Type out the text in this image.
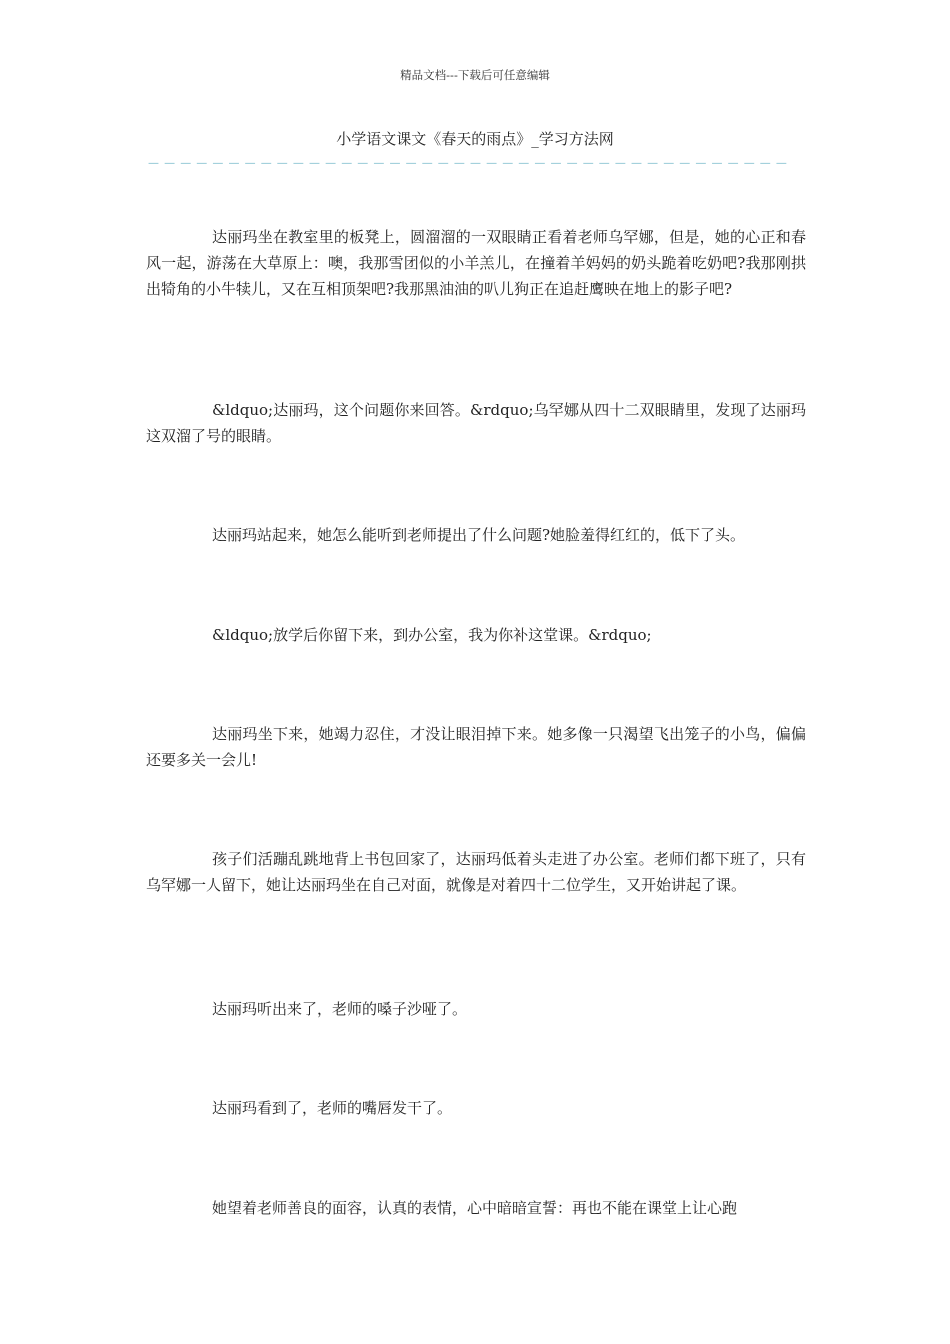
精品文档---下载后可任意编辑
小学语文课文《春天的雨点》_学习方法网
－－－－－－－－－－－－－－－－－－－－－－－－－－－－－－－－－－－－－－－－

达丽玛坐在教室里的板凳上，圆溜溜的一双眼睛正看着老师乌罕娜，但是，她的心正和春风一起，游荡在大草原上：噢，我那雪团似的小羊羔儿，在撞着羊妈妈的奶头跪着吃奶吧?我那刚拱出犄角的小牛犊儿，又在互相顶架吧?我那黑油油的叭儿狗正在追赶鹰映在地上的影子吧?

&ldquo;达丽玛，这个问题你来回答。&rdquo;乌罕娜从四十二双眼睛里，发现了达丽玛这双溜了号的眼睛。

达丽玛站起来，她怎么能听到老师提出了什么问题?她脸羞得红红的，低下了头。

&ldquo;放学后你留下来，到办公室，我为你补这堂课。&rdquo;

达丽玛坐下来，她竭力忍住，才没让眼泪掉下来。她多像一只渴望飞出笼子的小鸟，偏偏还要多关一会儿!

孩子们活蹦乱跳地背上书包回家了，达丽玛低着头走进了办公室。老师们都下班了，只有乌罕娜一人留下，她让达丽玛坐在自己对面，就像是对着四十二位学生，又开始讲起了课。

达丽玛听出来了，老师的嗓子沙哑了。

达丽玛看到了，老师的嘴唇发干了。

她望着老师善良的面容，认真的表情，心中暗暗宣誓：再也不能在课堂上让心跑
